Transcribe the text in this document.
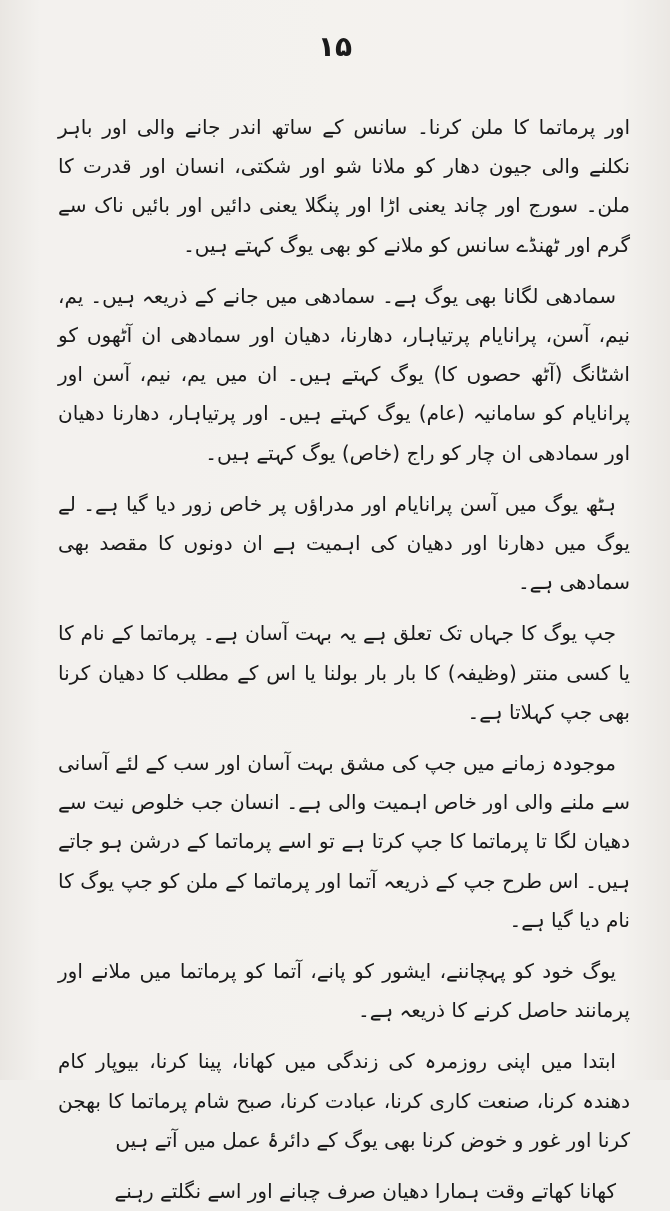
۱۵

اور پرماتما کا ملن کرنا۔ سانس کے ساتھ اندر جانے والی اور باہر نکلنے والی جیون دھار کو ملانا شو اور شکتی، انسان اور قدرت کا ملن۔ سورج اور چاند یعنی اڑا اور پنگلا یعنی دائیں اور بائیں ناک سے گرم اور ٹھنڈے سانس کو ملانے کو بھی یوگ کہتے ہیں۔

سمادھی لگانا بھی یوگ ہے۔ سمادھی میں جانے کے ذریعہ ہیں۔ یم، نیم، آسن، پرانایام پرتیاہار، دھارنا، دھیان اور سمادھی ان آٹھوں کو اشٹانگ (آٹھ حصوں کا) یوگ کہتے ہیں۔ ان میں یم، نیم، آسن اور پرانایام کو سامانیہ (عام) یوگ کہتے ہیں۔ اور پرتیاہار، دھارنا دھیان اور سمادھی ان چار کو راج (خاص) یوگ کہتے ہیں۔

ہٹھ یوگ میں آسن پرانایام اور مدراؤں پر خاص زور دیا گیا ہے۔ لے یوگ میں دھارنا اور دھیان کی اہمیت ہے ان دونوں کا مقصد بھی سمادھی ہے۔

جپ یوگ کا جہاں تک تعلق ہے یہ بہت آسان ہے۔ پرماتما کے نام کا یا کسی منتر (وظیفہ) کا بار بار بولنا یا اس کے مطلب کا دھیان کرنا بھی جپ کہلاتا ہے۔

موجودہ زمانے میں جپ کی مشق بہت آسان اور سب کے لئے آسانی سے ملنے والی اور خاص اہمیت والی ہے۔ انسان جب خلوص نیت سے دھیان لگا تا پرماتما کا جپ کرتا ہے تو اسے پرماتما کے درشن ہو جاتے ہیں۔ اس طرح جپ کے ذریعہ آتما اور پرماتما کے ملن کو جپ یوگ کا نام دیا گیا ہے۔

یوگ خود کو پہچاننے، ایشور کو پانے، آتما کو پرماتما میں ملانے اور پرمانند حاصل کرنے کا ذریعہ ہے۔

ابتدا میں اپنی روزمرہ کی زندگی میں کھانا، پینا کرنا، بیوپار کام دھندہ کرنا، صنعت کاری کرنا، عبادت کرنا، صبح شام پرماتما کا بھجن کرنا اور غور و خوض کرنا بھی یوگ کے دائرۂ عمل میں آتے ہیں

کھانا کھاتے وقت ہمارا دھیان صرف چبانے اور اسے نگلتے رہنے
